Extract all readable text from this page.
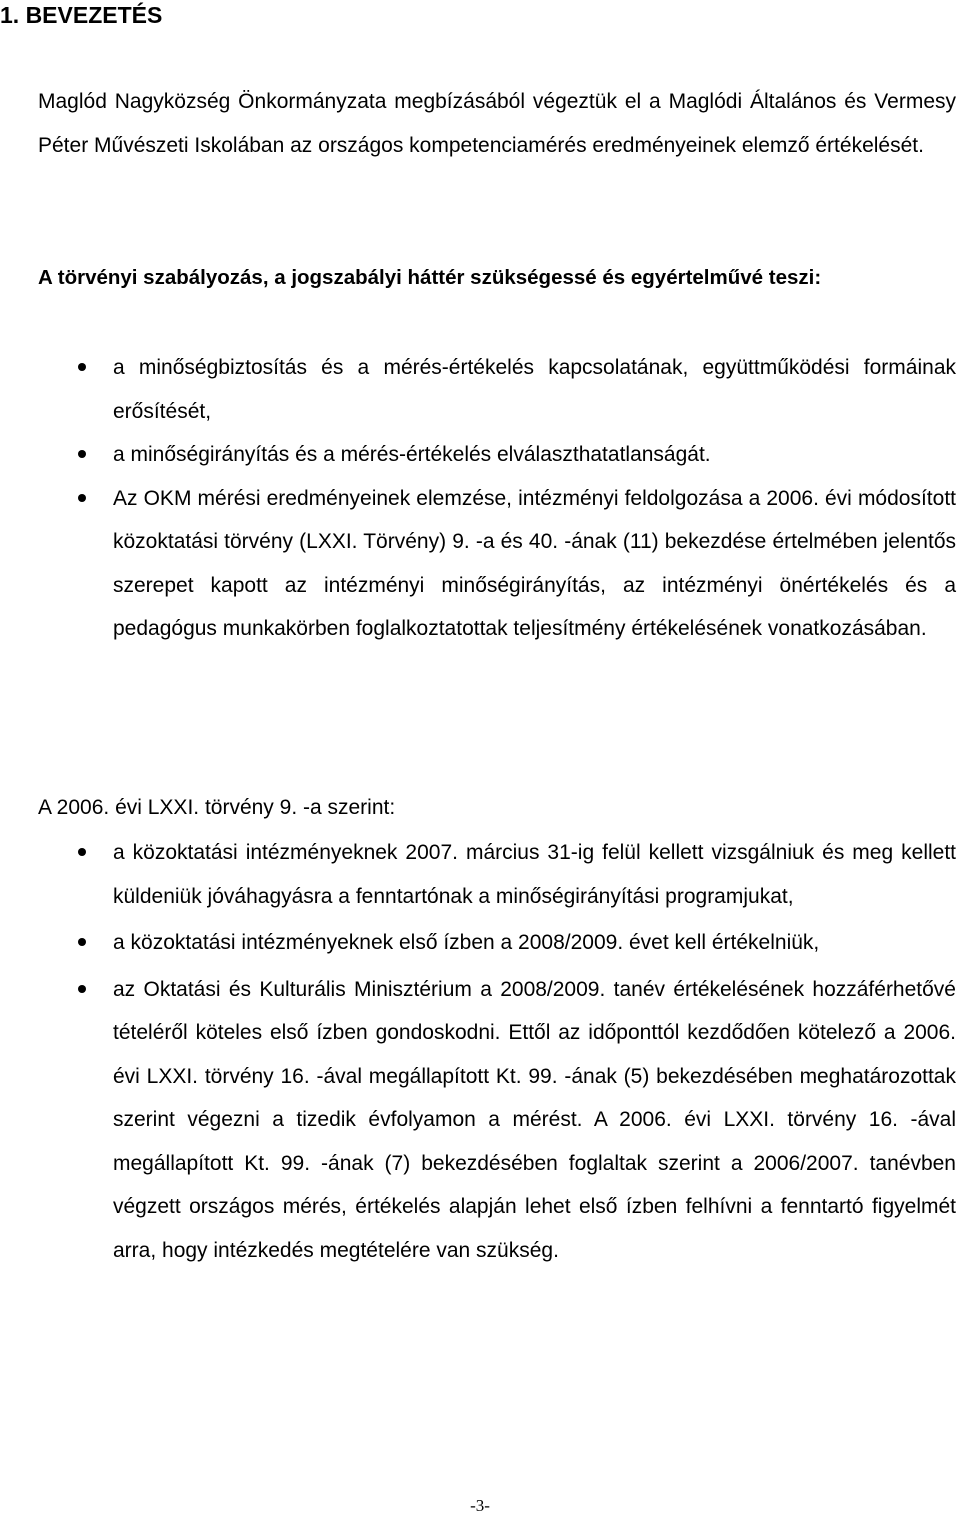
1. BEVEZETÉS

Maglód Nagyközség Önkormányzata megbízásából végeztük el a Maglódi Általános és Vermesy Péter Művészeti Iskolában az országos kompetenciamérés eredményeinek elemző értékelését.

A törvényi szabályozás, a jogszabályi háttér szükségessé és egyértelművé teszi:

a minőségbiztosítás és a mérés-értékelés kapcsolatának, együttműködési formáinak erősítését,
a minőségirányítás és a mérés-értékelés elválaszthatatlanságát.
Az OKM mérési eredményeinek elemzése, intézményi feldolgozása a 2006. évi módosított közoktatási törvény (LXXI. Törvény) 9. -a és 40. -ának (11) bekezdése értelmében jelentős szerepet kapott az intézményi minőségirányítás, az intézményi önértékelés és a pedagógus munkakörben foglalkoztatottak teljesítmény értékelésének vonatkozásában.

A 2006. évi LXXI. törvény 9. -a szerint:

a közoktatási intézményeknek 2007. március 31-ig felül kellett vizsgálniuk és meg kellett küldeniük jóváhagyásra a fenntartónak a minőségirányítási programjukat,
a közoktatási intézményeknek első ízben a 2008/2009. évet kell értékelniük,
az Oktatási és Kulturális Minisztérium a 2008/2009. tanév értékelésének hozzáférhetővé tételéről köteles első ízben gondoskodni. Ettől az időponttól kezdődően kötelező a 2006. évi LXXI. törvény 16. -ával megállapított Kt. 99. -ának (5) bekezdésében meghatározottak szerint végezni a tizedik évfolyamon a mérést. A 2006. évi LXXI. törvény 16. -ával megállapított Kt. 99. -ának (7) bekezdésében foglaltak szerint a 2006/2007. tanévben végzett országos mérés, értékelés alapján lehet első ízben felhívni a fenntartó figyelmét arra, hogy intézkedés megtételére van szükség.

-3-
